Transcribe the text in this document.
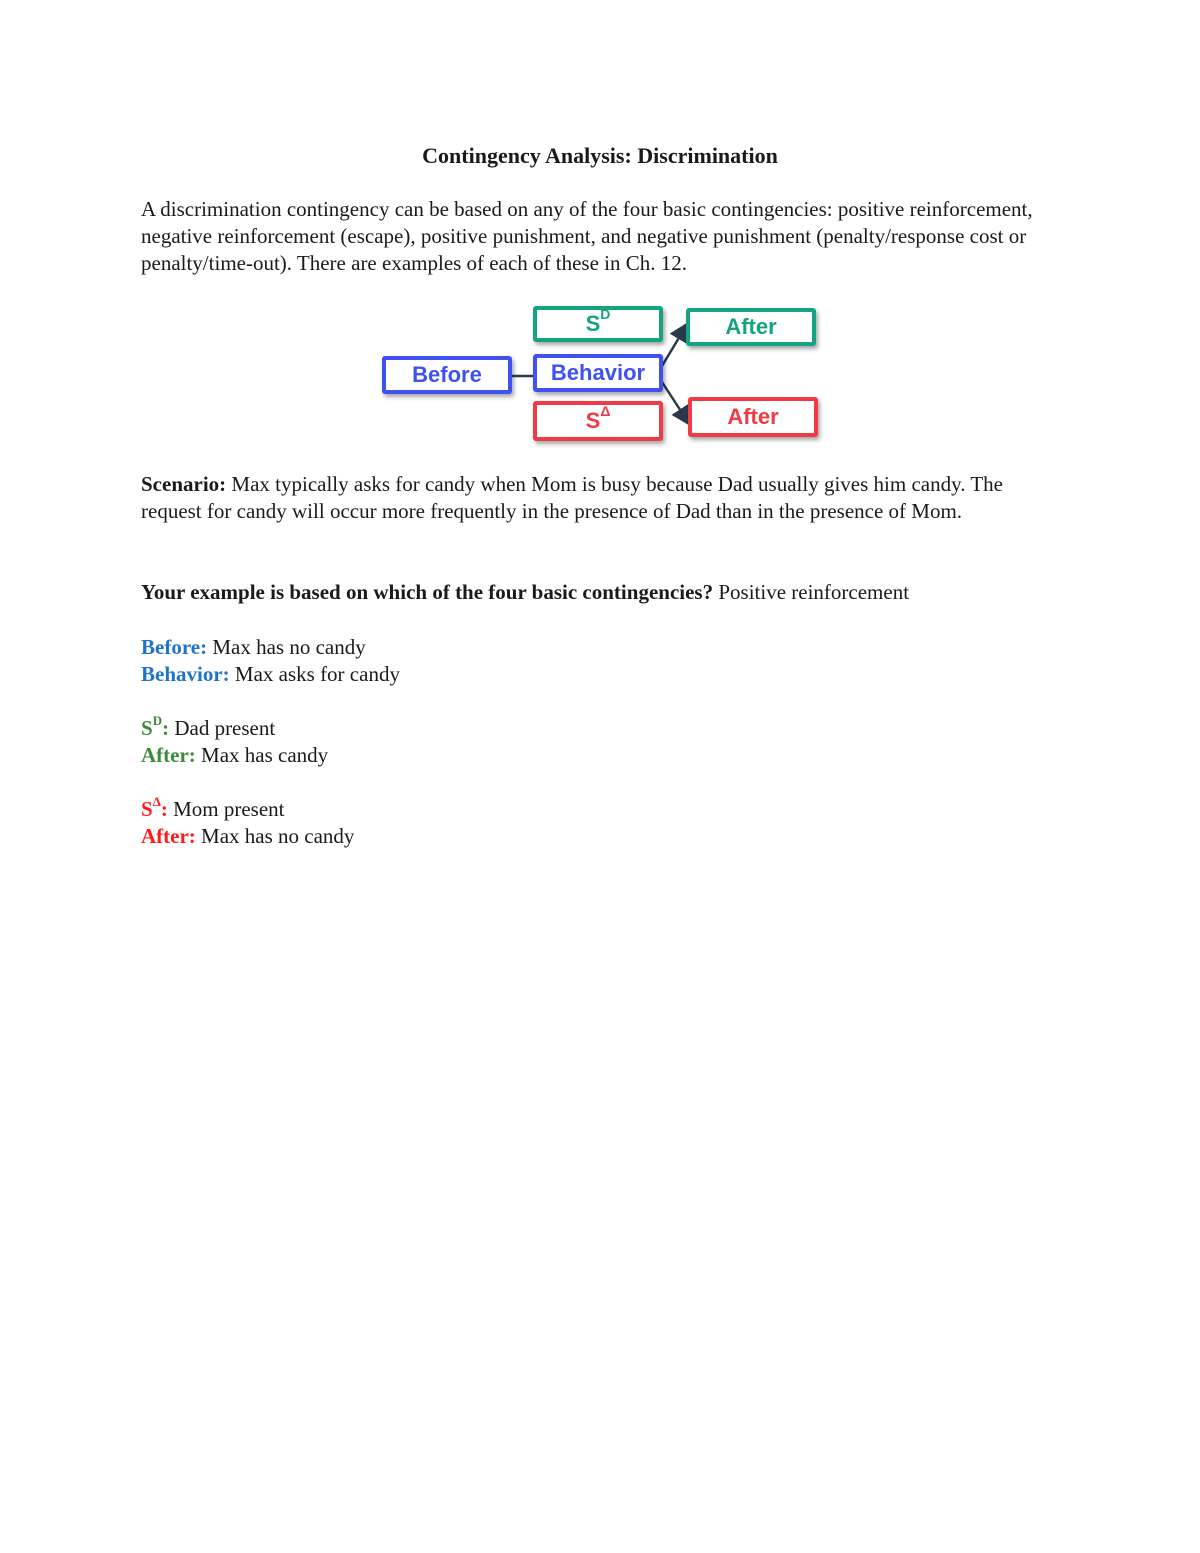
Contingency Analysis: Discrimination
A discrimination contingency can be based on any of the four basic contingencies: positive reinforcement, negative reinforcement (escape), positive punishment, and negative punishment (penalty/response cost or penalty/time-out). There are examples of each of these in Ch. 12.
$S^D$
Before	Behavior
$S^\Delta$
After
After
Scenario: Max typically asks for candy when Mom is busy because Dad usually gives him candy. The request for candy will occur more frequently in the presence of Dad than in the presence of Mom.
Your example is based on which of the four basic contingencies? Positive reinforcement
Before: Max has no candy
Behavior: Max asks for candy
$S^D$: Dad present
After: Max has candy
$S^\Delta$: Mom present
After: Max has no candy
